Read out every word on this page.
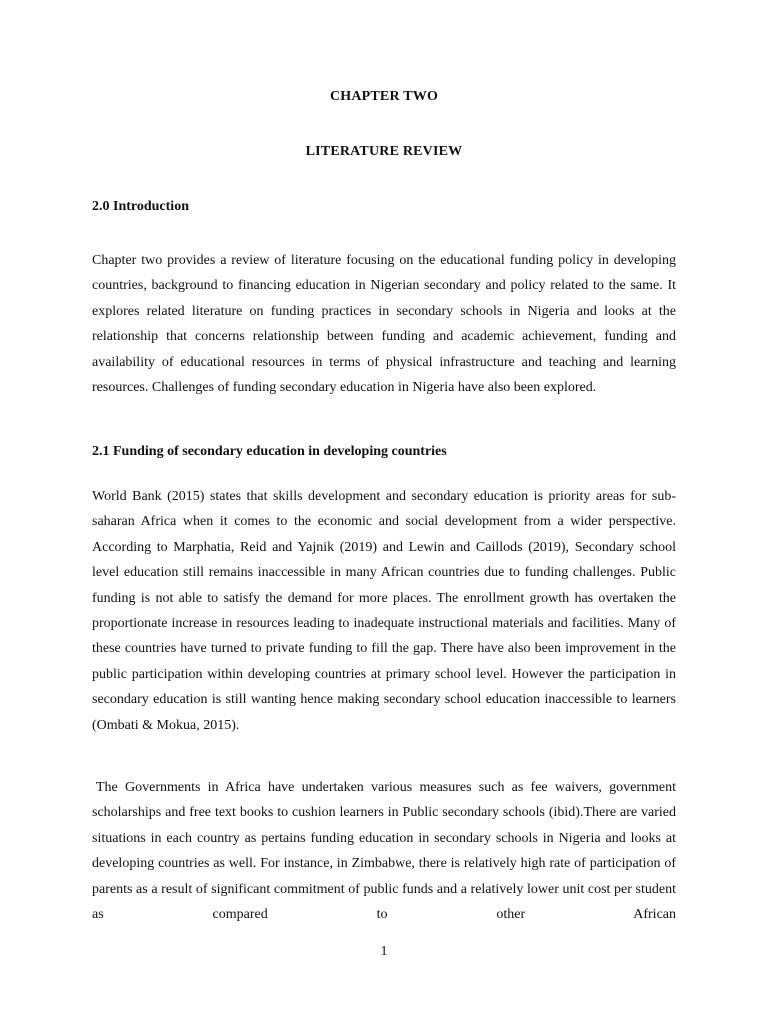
CHAPTER TWO
LITERATURE REVIEW
2.0 Introduction
Chapter two provides a review of literature focusing on the educational funding policy in developing countries, background to financing education in Nigerian secondary and policy related to the same. It explores related literature on funding practices in secondary schools in Nigeria and looks at the relationship that concerns relationship between funding and academic achievement, funding and availability of educational resources in terms of physical infrastructure and teaching and learning resources. Challenges of funding secondary education in Nigeria have also been explored.
2.1 Funding of secondary education in developing countries
World Bank (2015) states that skills development and secondary education is priority areas for sub-saharan Africa when it comes to the economic and social development from a wider perspective. According to Marphatia, Reid and Yajnik (2019) and Lewin and Caillods (2019), Secondary school level education still remains inaccessible in many African countries due to funding challenges. Public funding is not able to satisfy the demand for more places. The enrollment growth has overtaken the proportionate increase in resources leading to inadequate instructional materials and facilities. Many of these countries have turned to private funding to fill the gap. There have also been improvement in the public participation within developing countries at primary school level. However the participation in secondary education is still wanting hence making secondary school education inaccessible to learners (Ombati & Mokua, 2015).
The Governments in Africa have undertaken various measures such as fee waivers, government scholarships and free text books to cushion learners in Public secondary schools (ibid).There are varied situations in each country as pertains funding education in secondary schools in Nigeria and looks at developing countries as well. For instance, in Zimbabwe, there is relatively high rate of participation of parents as a result of significant commitment of public funds and a relatively lower unit cost per student as compared to other African
1
